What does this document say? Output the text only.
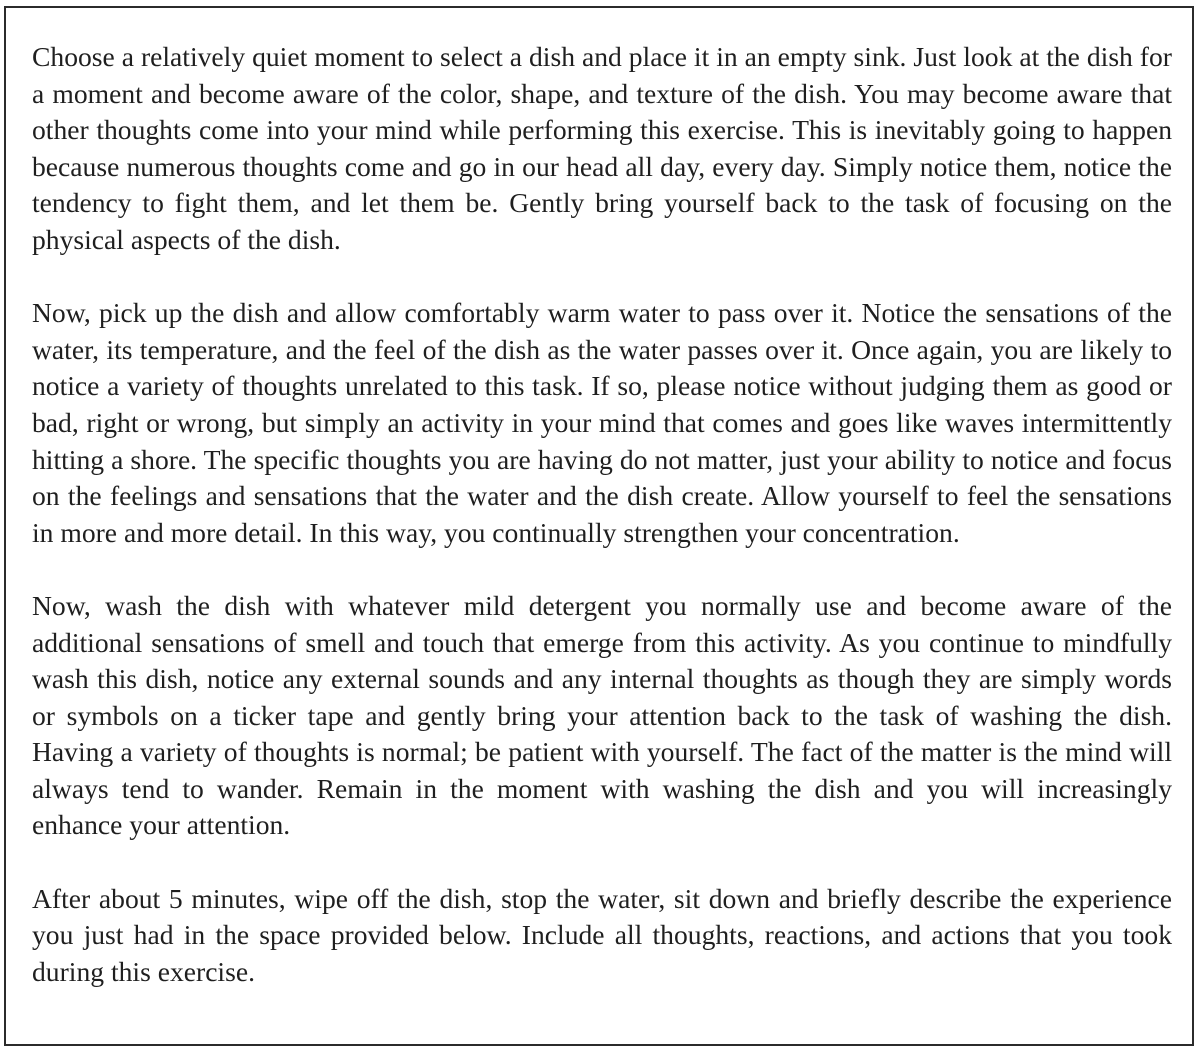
Choose a relatively quiet moment to select a dish and place it in an empty sink. Just look at the dish for a moment and become aware of the color, shape, and texture of the dish. You may become aware that other thoughts come into your mind while performing this exercise. This is inevitably going to happen because numerous thoughts come and go in our head all day, every day. Simply notice them, notice the tendency to fight them, and let them be. Gently bring yourself back to the task of focusing on the physical aspects of the dish.

Now, pick up the dish and allow comfortably warm water to pass over it. Notice the sensations of the water, its temperature, and the feel of the dish as the water passes over it. Once again, you are likely to notice a variety of thoughts unrelated to this task. If so, please notice without judging them as good or bad, right or wrong, but simply an activity in your mind that comes and goes like waves intermittently hitting a shore. The specific thoughts you are having do not matter, just your ability to notice and focus on the feelings and sensations that the water and the dish create. Allow yourself to feel the sensations in more and more detail. In this way, you continually strengthen your concentration.

Now, wash the dish with whatever mild detergent you normally use and become aware of the additional sensations of smell and touch that emerge from this activity. As you continue to mindfully wash this dish, notice any external sounds and any internal thoughts as though they are simply words or symbols on a ticker tape and gently bring your attention back to the task of washing the dish. Having a variety of thoughts is normal; be patient with yourself. The fact of the matter is the mind will always tend to wander. Remain in the moment with washing the dish and you will increasingly enhance your attention.

After about 5 minutes, wipe off the dish, stop the water, sit down and briefly describe the experience you just had in the space provided below. Include all thoughts, reactions, and actions that you took during this exercise.
